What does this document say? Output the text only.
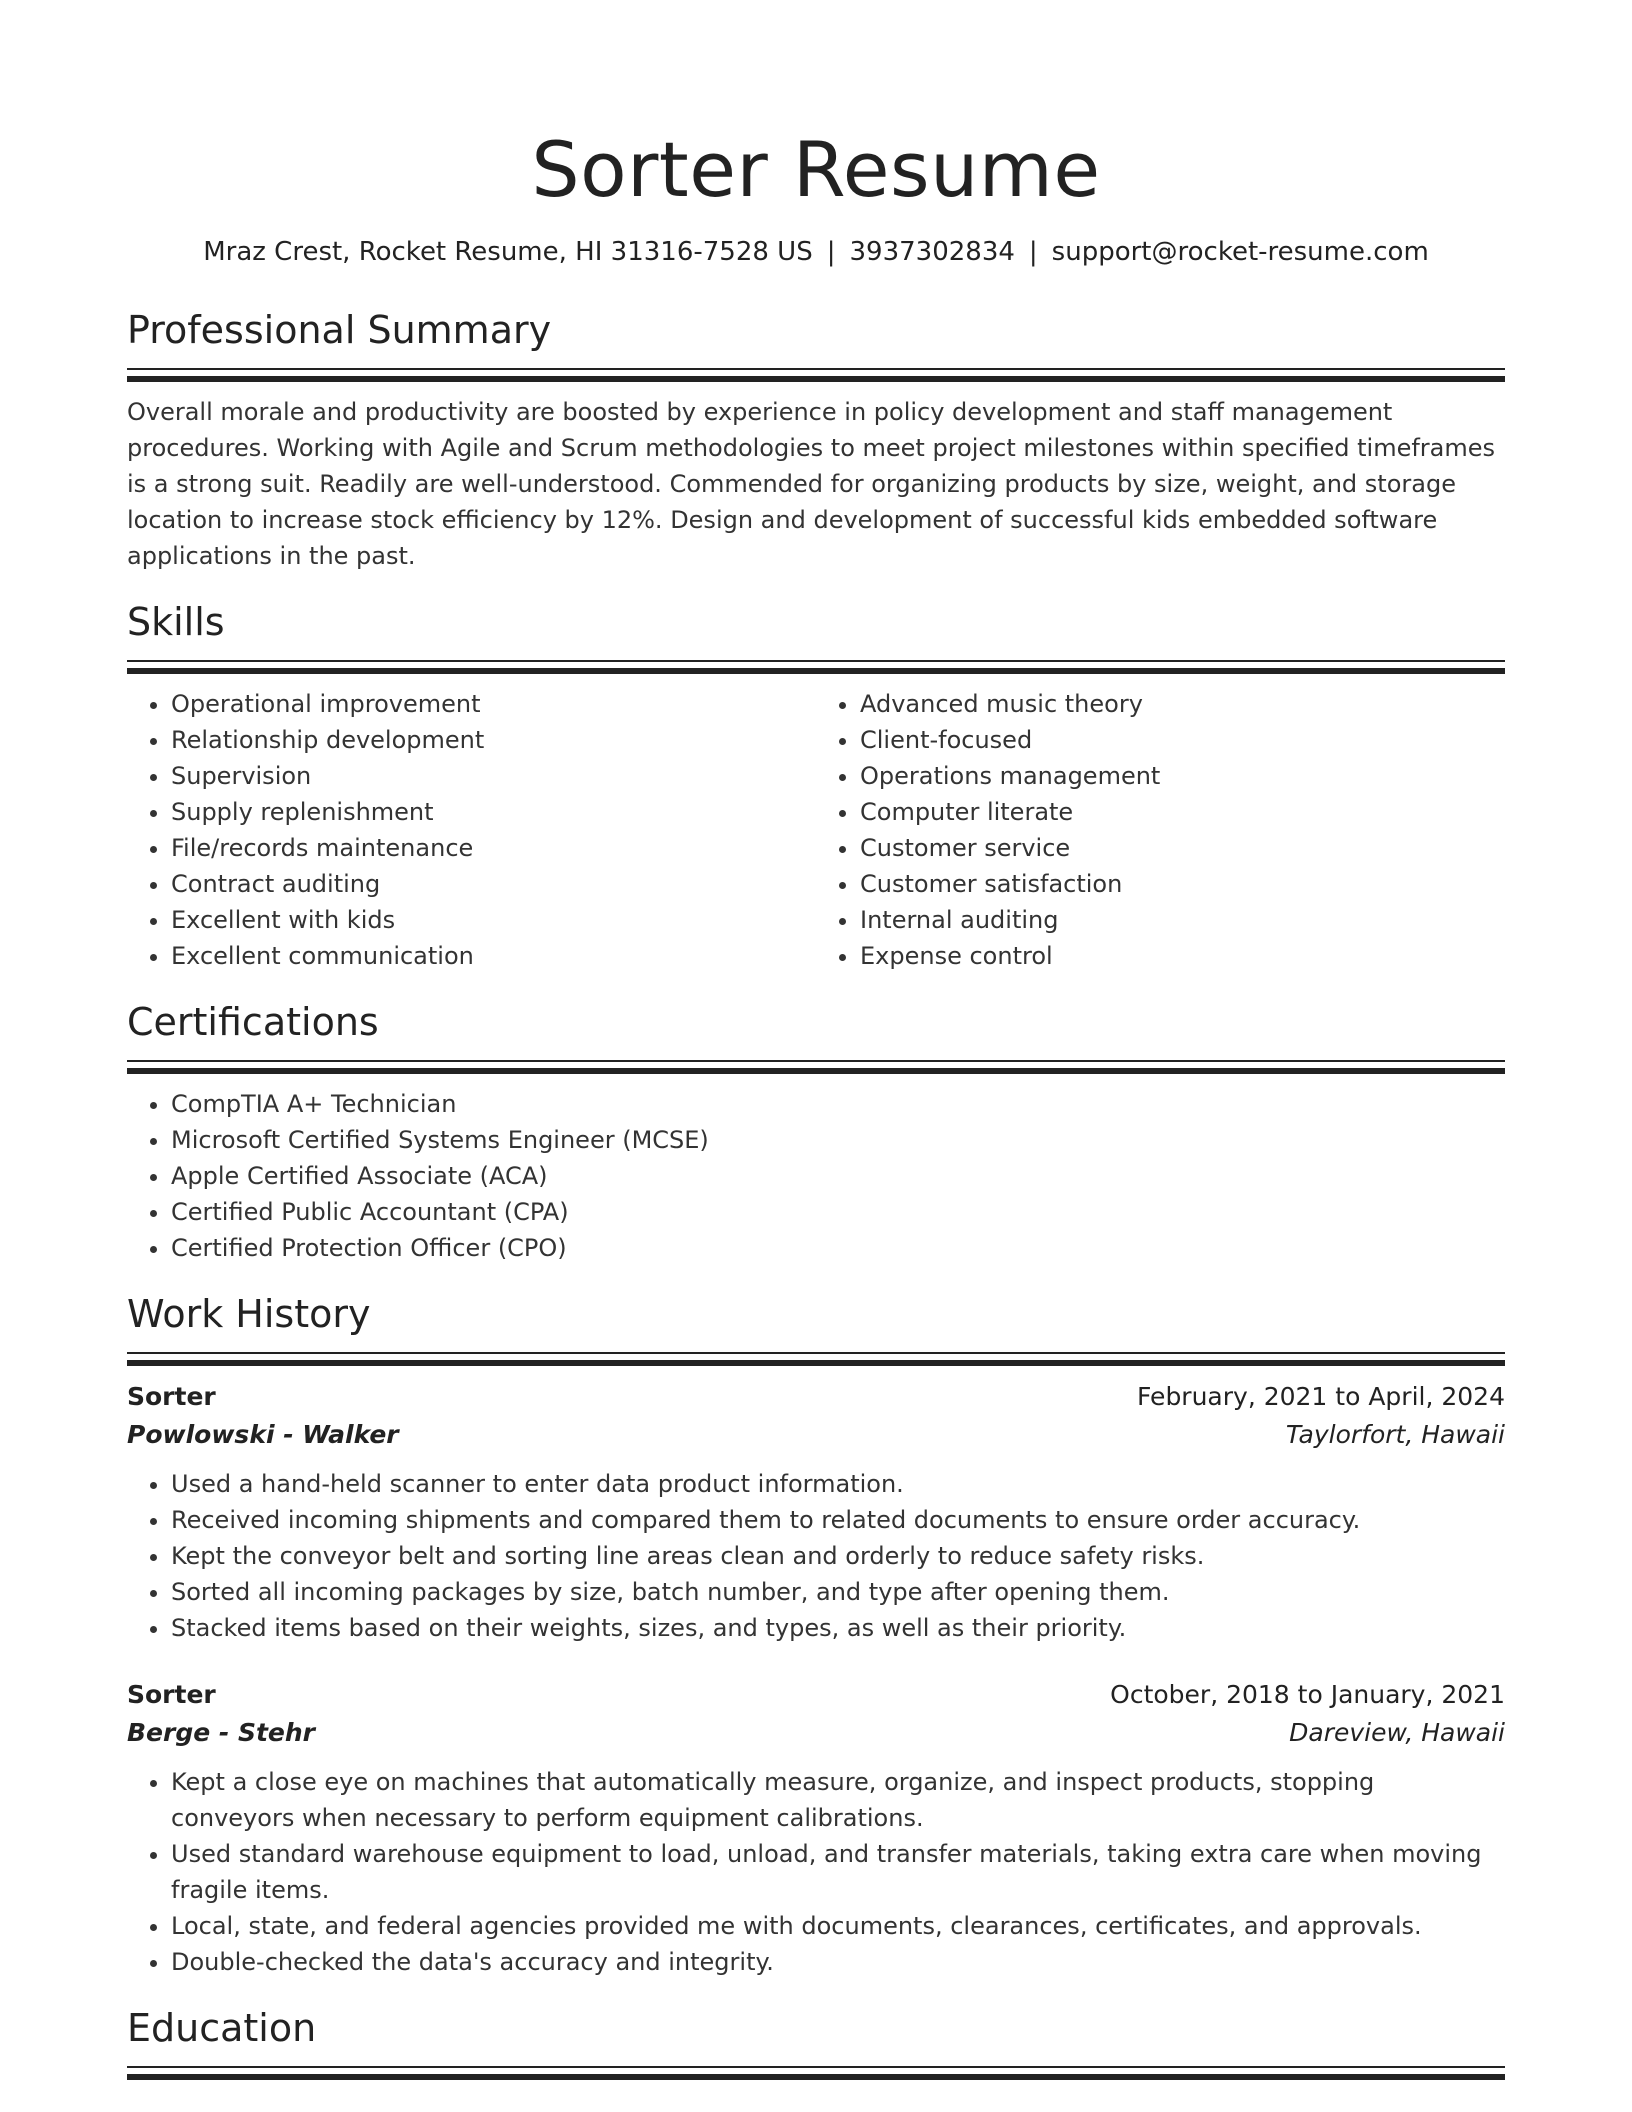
Sorter Resume
Mraz Crest, Rocket Resume, HI 31316-7528 US | 3937302834 | support@rocket-resume.com
Professional Summary
Overall morale and productivity are boosted by experience in policy development and staff management procedures. Working with Agile and Scrum methodologies to meet project milestones within specified timeframes is a strong suit. Readily are well-understood. Commended for organizing products by size, weight, and storage location to increase stock efficiency by 12%. Design and development of successful kids embedded software applications in the past.
Skills
• Operational improvement
• Relationship development
• Supervision
• Supply replenishment
• File/records maintenance
• Contract auditing
• Excellent with kids
• Excellent communication
• Advanced music theory
• Client-focused
• Operations management
• Computer literate
• Customer service
• Customer satisfaction
• Internal auditing
• Expense control
Certifications
• CompTIA A+ Technician
• Microsoft Certified Systems Engineer (MCSE)
• Apple Certified Associate (ACA)
• Certified Public Accountant (CPA)
• Certified Protection Officer (CPO)
Work History
Sorter	February, 2021 to April, 2024
Powlowski - Walker	Taylorfort, Hawaii
• Used a hand-held scanner to enter data product information.
• Received incoming shipments and compared them to related documents to ensure order accuracy.
• Kept the conveyor belt and sorting line areas clean and orderly to reduce safety risks.
• Sorted all incoming packages by size, batch number, and type after opening them.
• Stacked items based on their weights, sizes, and types, as well as their priority.
Sorter	October, 2018 to January, 2021
Berge - Stehr	Dareview, Hawaii
• Kept a close eye on machines that automatically measure, organize, and inspect products, stopping conveyors when necessary to perform equipment calibrations.
• Used standard warehouse equipment to load, unload, and transfer materials, taking extra care when moving fragile items.
• Local, state, and federal agencies provided me with documents, clearances, certificates, and approvals.
• Double-checked the data's accuracy and integrity.
Education
